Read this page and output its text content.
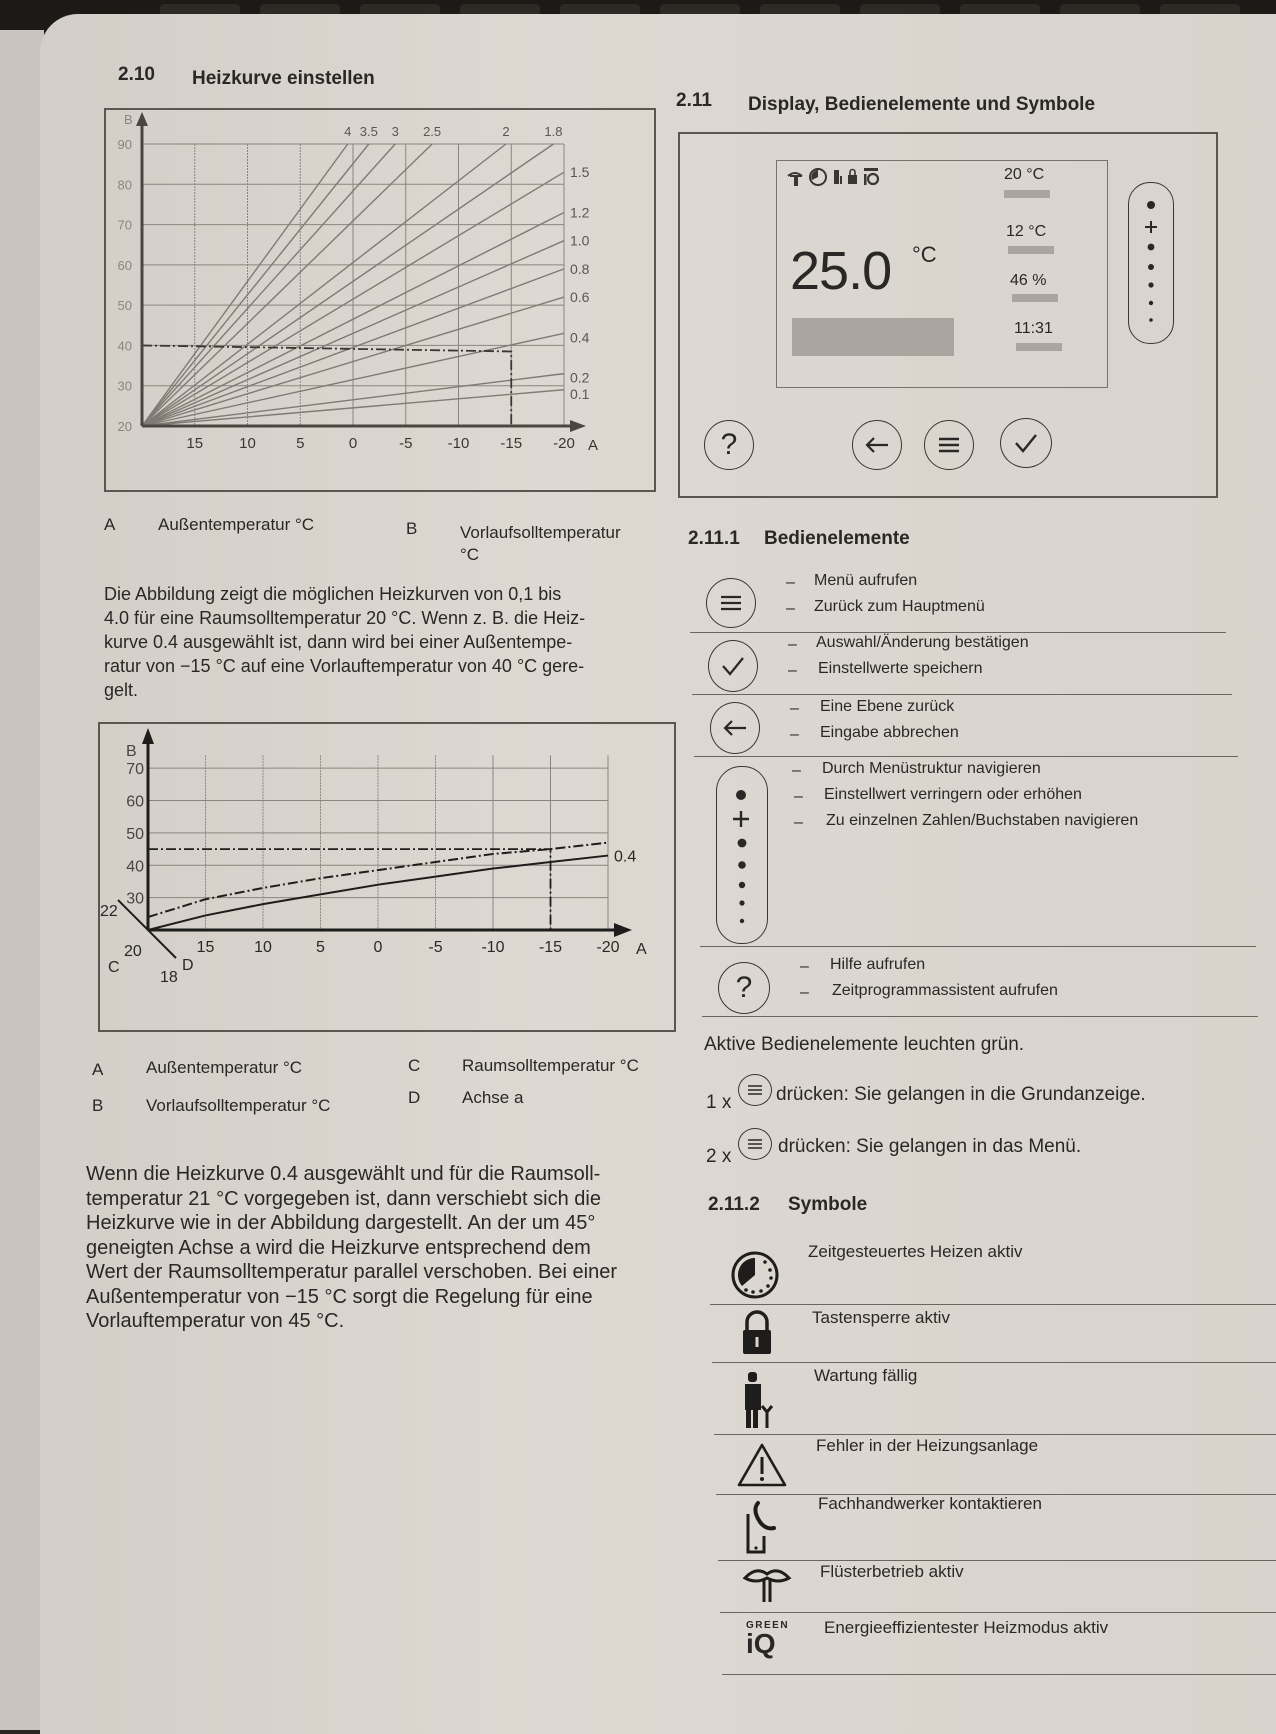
2.10 Heizkurve einstellen
20
30
40
50
60
70
80
90
15 10	5	0	-5 -10 -15 -20
B
A
4 3.5 3 2.5	2	1.8
1.5
1.2
1.0
0.8
0.6
0.4
0.2
0.1
A	Außentemperatur °C	B	Vorlaufsolltemperatur °C
Die Abbildung zeigt die möglichen Heizkurven von 0,1 bis
4.0 für eine Raumsolltemperatur 20 °C. Wenn z. B. die Heiz-
kurve 0.4 ausgewählt ist, dann wird bei einer Außentempe-
ratur von −15 °C auf eine Vorlauftemperatur von 40 °C gere-
gelt.
30
40
50
60
70
15 10	5	0	-5 -10 -15 -20
B
A
0.4
22
20
18
C	D
A	Außentemperatur °C
B	Vorlaufsolltemperatur °C
C Raumsolltemperatur °C
D Achse a
Wenn die Heizkurve 0.4 ausgewählt und für die Raumsoll-
temperatur 21 °C vorgegeben ist, dann verschiebt sich die
Heizkurve wie in der Abbildung dargestellt. An der um 45°
geneigten Achse a wird die Heizkurve entsprechend dem
Wert der Raumsolltemperatur parallel verschoben. Bei einer
Außentemperatur von −15 °C sorgt die Regelung für eine
Vorlauftemperatur von 45 °C.
2.11 Display, Bedienelemente und Symbole
25.0 °C
20 °C
12 °C
46 %
11:31
?
2.11.1 Bedienelemente
– Menü aufrufen
– Zurück zum Hauptmenü
– Auswahl/Änderung bestätigen
– Einstellwerte speichern
– Eine Ebene zurück
– Eingabe abbrechen
– Durch Menüstruktur navigieren
– Einstellwert verringern oder erhöhen
– Zu einzelnen Zahlen/Buchstaben navigieren
?
– Hilfe aufrufen
– Zeitprogrammassistent aufrufen
Aktive Bedienelemente leuchten grün.
1 x drücken: Sie gelangen in die Grundanzeige.
2 x drücken: Sie gelangen in das Menü.
2.11.2 Symbole
Zeitgesteuertes Heizen aktiv
Tastensperre aktiv
Wartung fällig
Fehler in der Heizungsanlage
Fachhandwerker kontaktieren
Flüsterbetrieb aktiv
GREEN
iQ
Energieeffizientester Heizmodus aktiv
